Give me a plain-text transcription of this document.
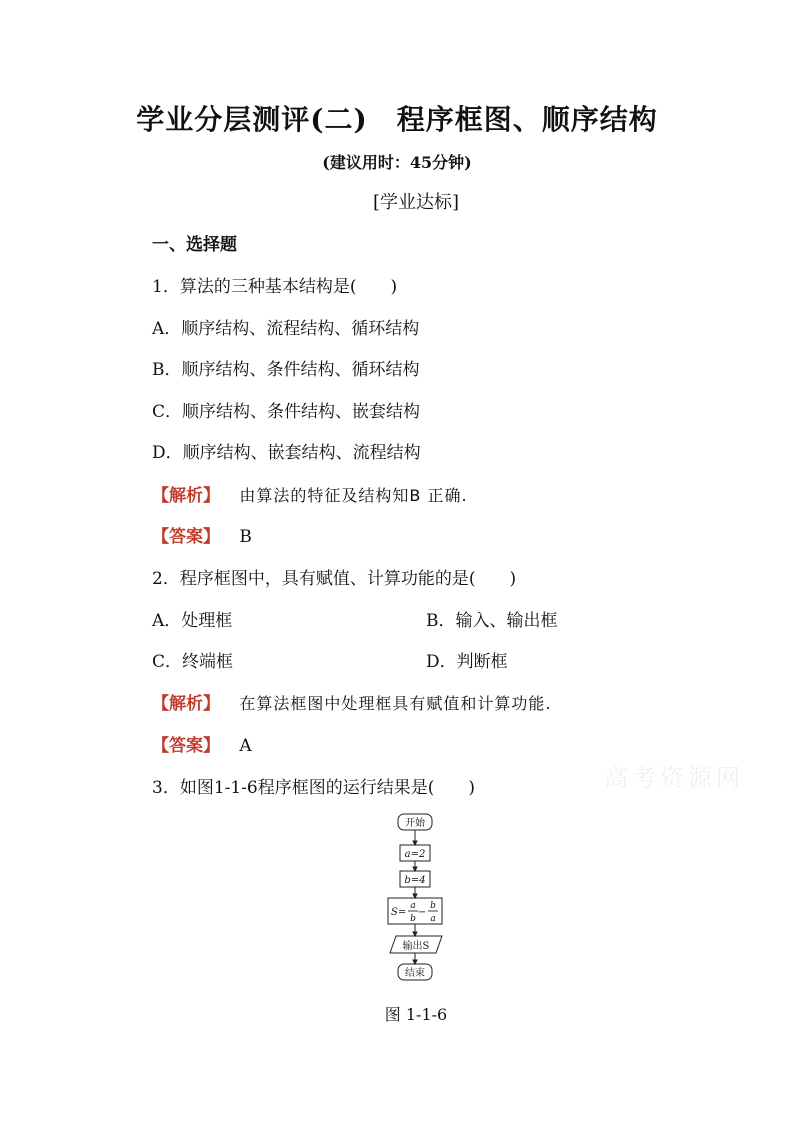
学业分层测评(二)　程序框图、顺序结构
(建议用时：45分钟)
[学业达标]
一、选择题
1．算法的三种基本结构是(　　)
A．顺序结构、流程结构、循环结构
B．顺序结构、条件结构、循环结构
C．顺序结构、条件结构、嵌套结构
D．顺序结构、嵌套结构、流程结构
【解析】 由算法的特征及结构知B 正确.
【答案】 B
2．程序框图中，具有赋值、计算功能的是(　　)
A．处理框	B．输入、输出框
C．终端框	D．判断框
【解析】 在算法框图中处理框具有赋值和计算功能.
【答案】 A
3．如图1-1-6程序框图的运行结果是(　　)	高考资源网
开始
a=2
b=4
S=
a
b
−
b
a
输出S
结束
图 1-1-6
